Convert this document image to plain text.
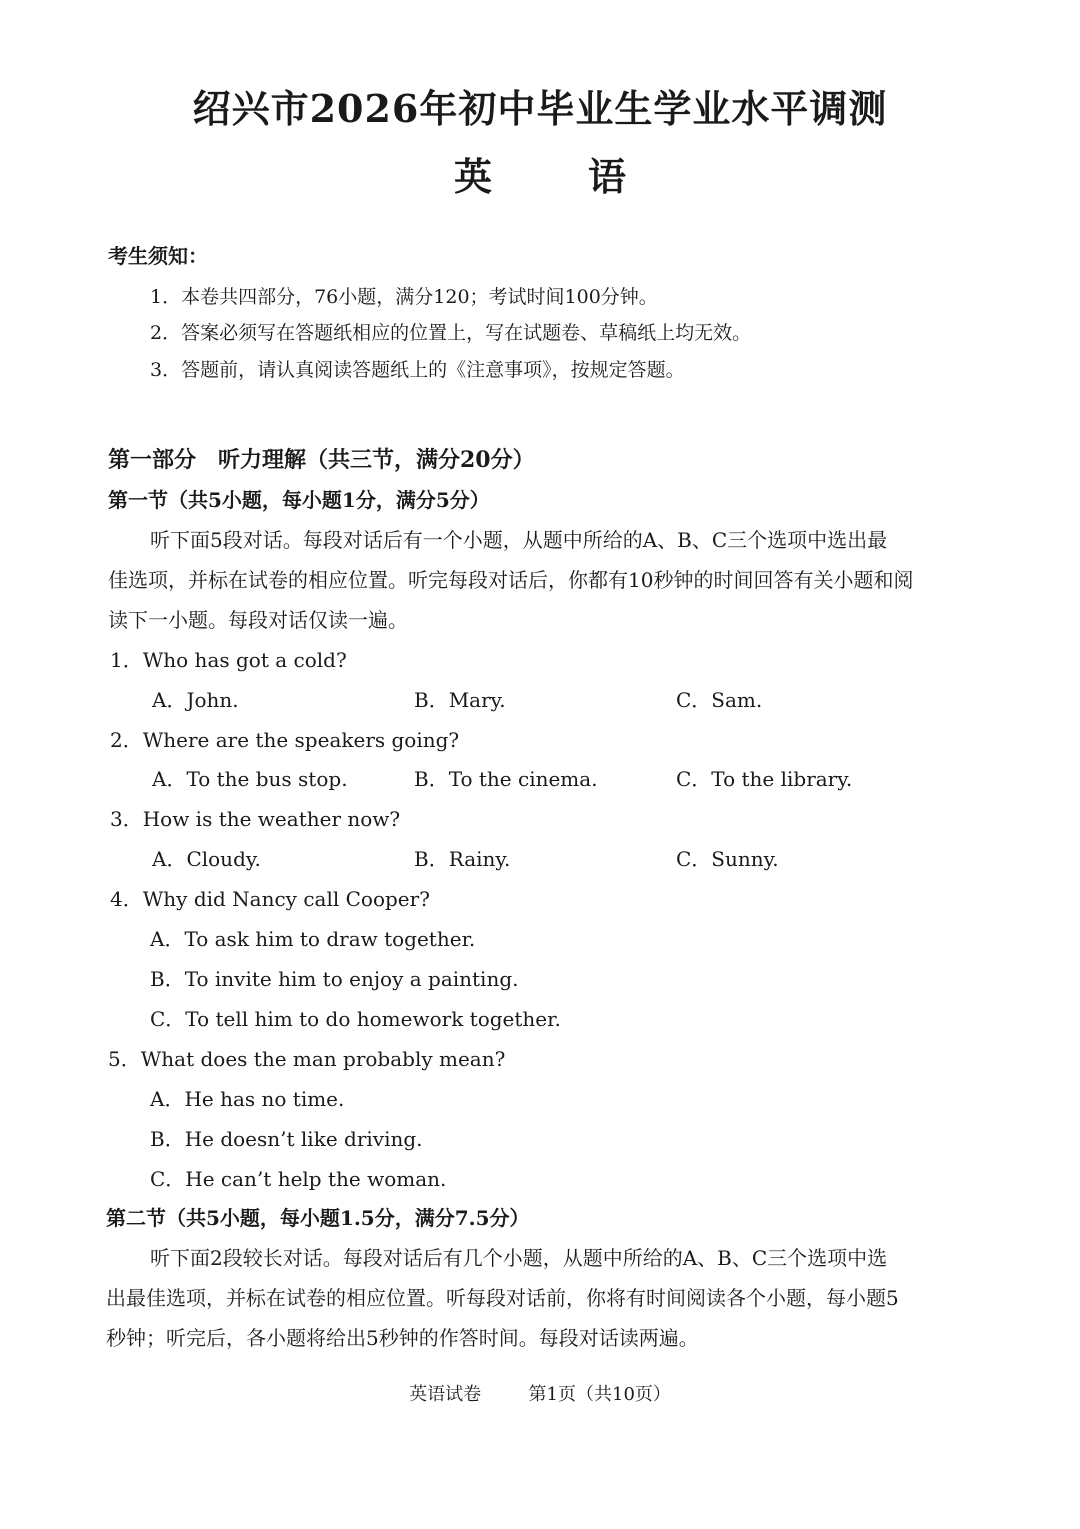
绍兴市2026年初中毕业生学业水平调测
英语
考生须知：
1．本卷共四部分，76小题，满分120；考试时间100分钟。
2．答案必须写在答题纸相应的位置上，写在试题卷、草稿纸上均无效。
3．答题前，请认真阅读答题纸上的《注意事项》，按规定答题。
第一部分　听力理解（共三节，满分20分）
第一节（共5小题，每小题1分，满分5分）
听下面5段对话。每段对话后有一个小题，从题中所给的A、B、C三个选项中选出最
佳选项，并标在试卷的相应位置。听完每段对话后，你都有10秒钟的时间回答有关小题和阅
读下一小题。每段对话仅读一遍。
1．Who has got a cold?
A．John.	B．Mary.	C．Sam.
2．Where are the speakers going?
A．To the bus stop.	B．To the cinema.	C．To the library.
3．How is the weather now?
A．Cloudy.	B．Rainy.	C．Sunny.
4．Why did Nancy call Cooper?
A．To ask him to draw together.
B．To invite him to enjoy a painting.
C．To tell him to do homework together.
5．What does the man probably mean?
A．He has no time.
B．He doesn’t like driving.
C．He can’t help the woman.
第二节（共5小题，每小题1.5分，满分7.5分）
听下面2段较长对话。每段对话后有几个小题，从题中所给的A、B、C三个选项中选
出最佳选项，并标在试卷的相应位置。听每段对话前，你将有时间阅读各个小题，每小题5
秒钟；听完后，各小题将给出5秒钟的作答时间。每段对话读两遍。
英语试卷	第1页（共10页）
